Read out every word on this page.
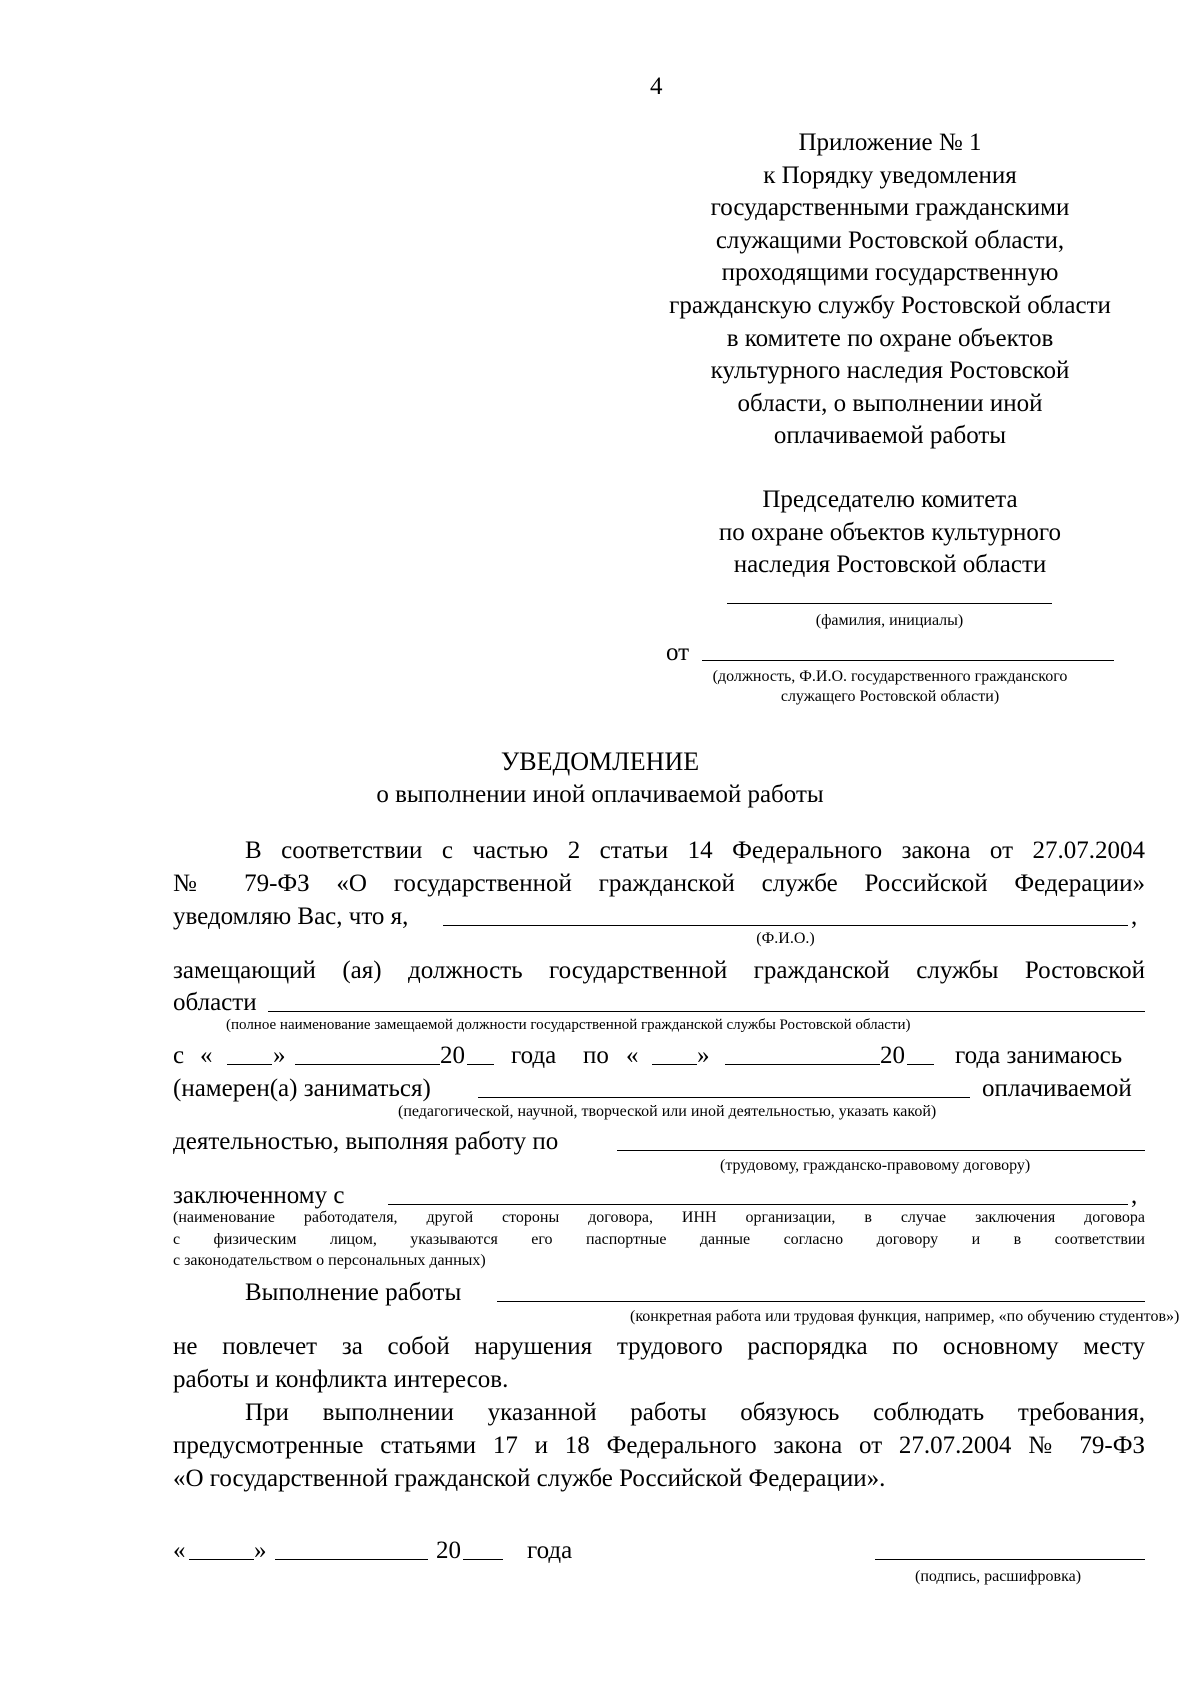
4
Приложение № 1
к Порядку уведомления
государственными гражданскими
служащими Ростовской области,
проходящими государственную
гражданскую службу Ростовской области
в комитете по охране объектов
культурного наследия Ростовской
области, о выполнении иной
оплачиваемой работы
Председателю комитета
по охране объектов культурного
наследия Ростовской области
(фамилия, инициалы)
от
(должность, Ф.И.О. государственного гражданского
служащего Ростовской области)
УВЕДОМЛЕНИЕ
о выполнении иной оплачиваемой работы
В соответствии с частью 2 статьи 14 Федерального закона от 27.07.2004
№ 79-ФЗ «О государственной гражданской службе Российской Федерации»
уведомляю Вас, что я,	,
(Ф.И.О.)
замещающий (ая) должность государственной гражданской службы Ростовской
области
(полное наименование замещаемой должности государственной гражданской службы Ростовской области)
с « »	20 года по « »	20 года занимаюсь
(намерен(а) заниматься)	оплачиваемой
(педагогической, научной, творческой или иной деятельностью, указать какой)
деятельностью, выполняя работу по
(трудовому, гражданско-правовому договору)
заключенному с	,
(наименование работодателя, другой стороны договора, ИНН организации, в случае заключения договора
с физическим лицом, указываются его паспортные данные согласно договору и в соответствии
с законодательством о персональных данных)
Выполнение работы
(конкретная работа или трудовая функция, например, «по обучению студентов»)
не повлечет за собой нарушения трудового распорядка по основному месту
работы и конфликта интересов.
При выполнении указанной работы обязуюсь соблюдать требования,
предусмотренные статьями 17 и 18 Федерального закона от 27.07.2004 № 79-ФЗ
«О государственной гражданской службе Российской Федерации».
«	»	20	года
(подпись, расшифровка)
